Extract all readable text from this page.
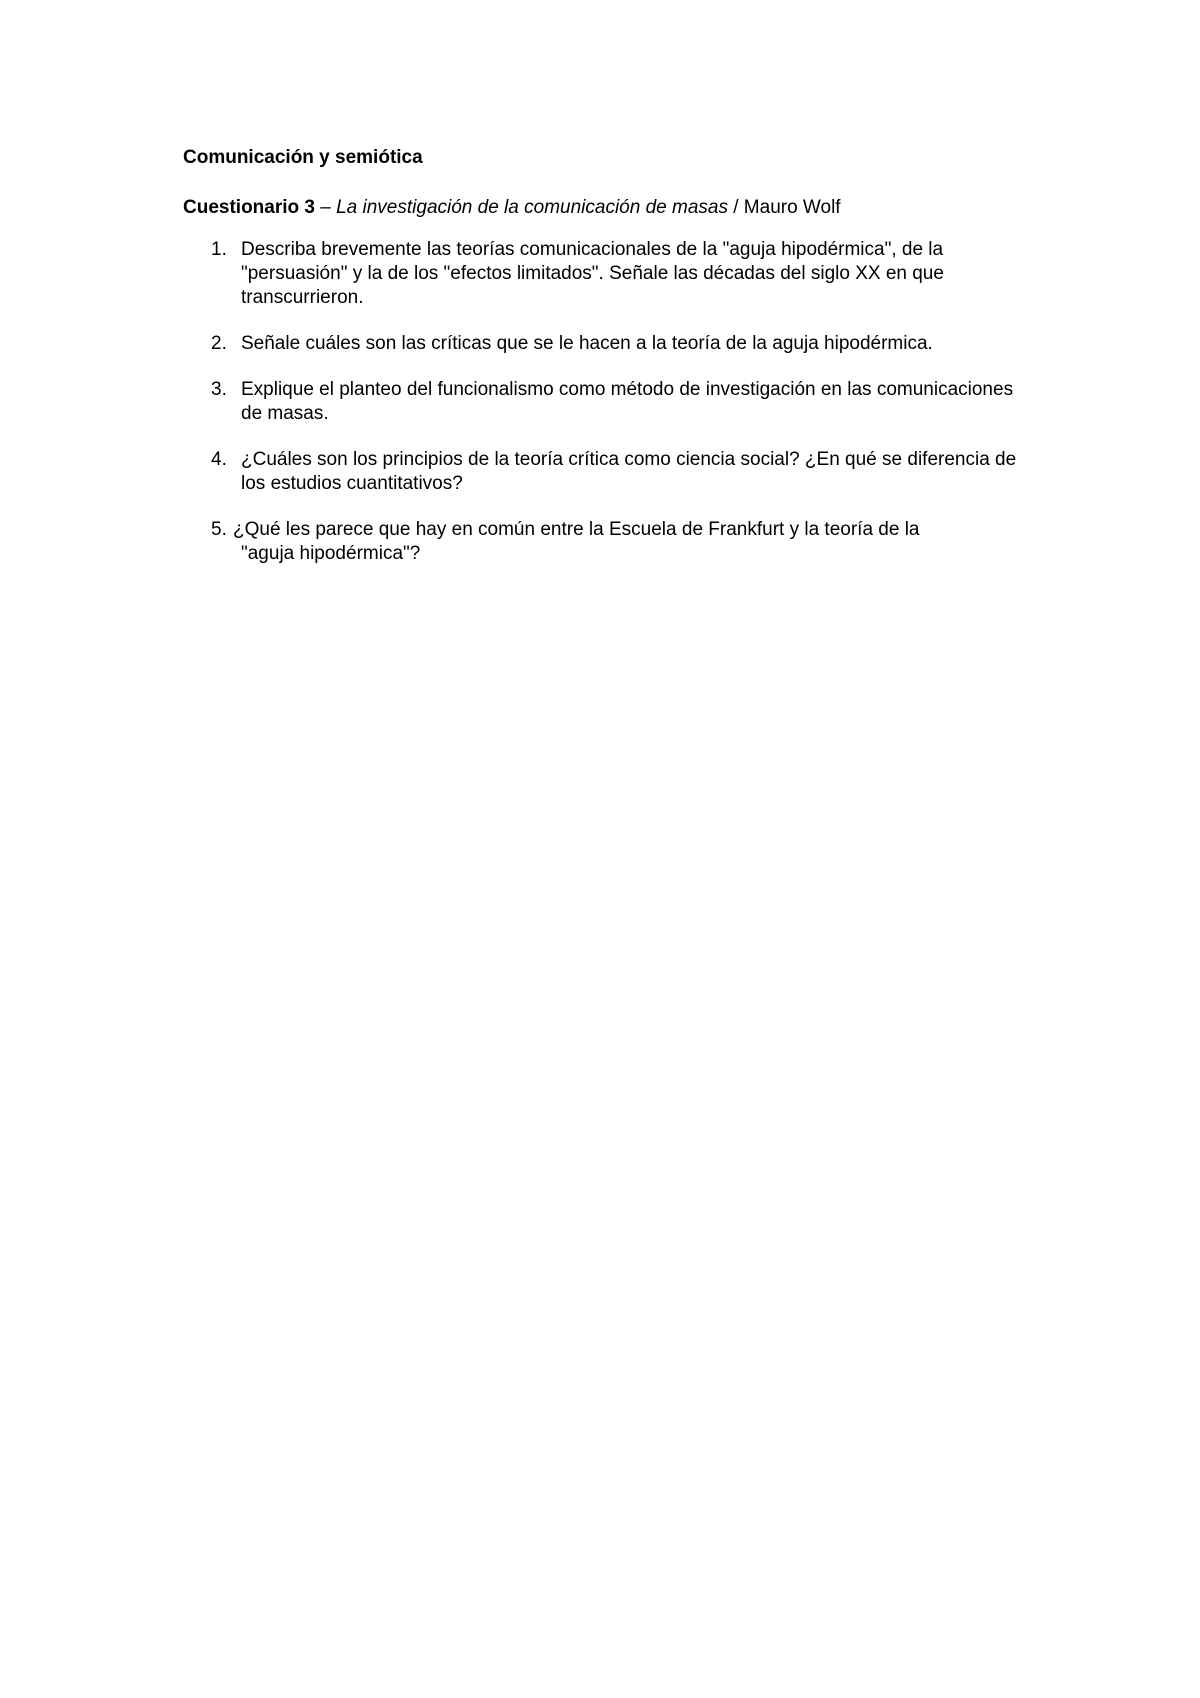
Comunicación y semiótica
Cuestionario 3 – La investigación de la comunicación de masas / Mauro Wolf
1. Describa brevemente las teorías comunicacionales de la "aguja hipodérmica", de la "persuasión" y la de los "efectos limitados". Señale las décadas del siglo XX en que transcurrieron.
2. Señale cuáles son las críticas que se le hacen a la teoría de la aguja hipodérmica.
3. Explique el planteo del funcionalismo como método de investigación en las comunicaciones de masas.
4. ¿Cuáles son los principios de la teoría crítica como ciencia social? ¿En qué se diferencia de los estudios cuantitativos?
5. ¿Qué les parece que hay en común entre la Escuela de Frankfurt y la teoría de la
"aguja hipodérmica"?
